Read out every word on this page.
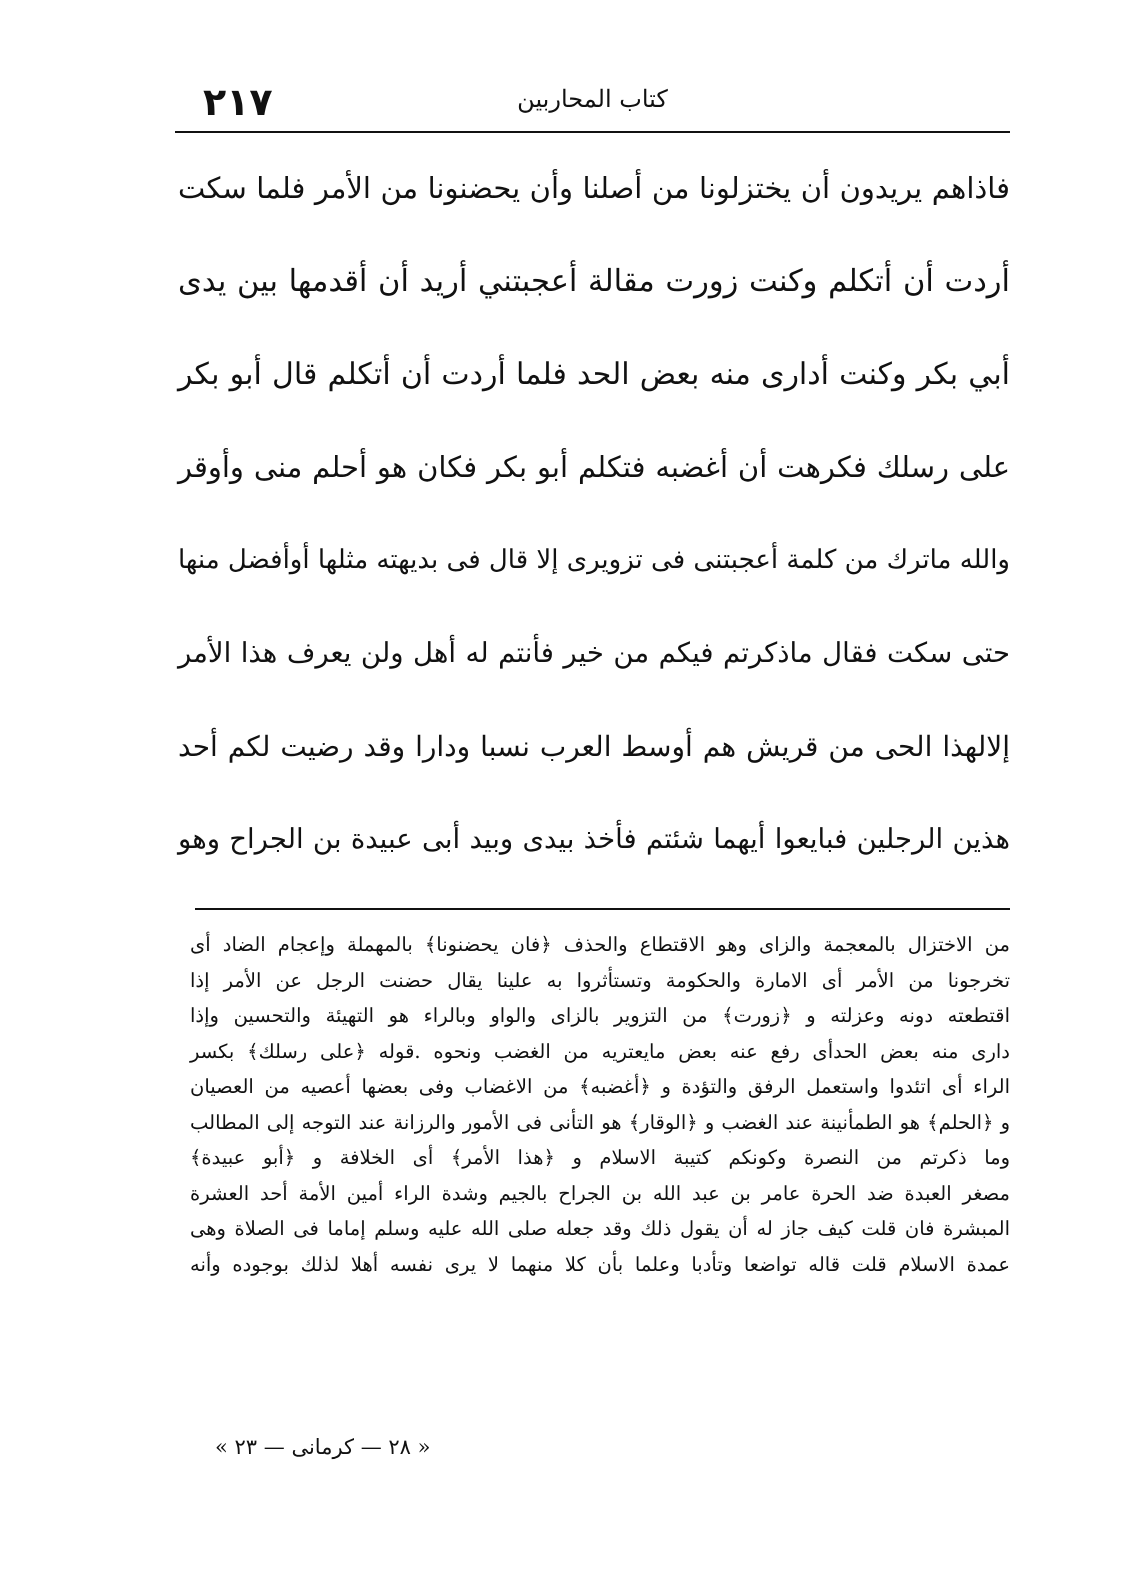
٢١٧	كتاب المحاربين
فاذاهم يريدون أن يختزلونا من أصلنا وأن يحضنونا من الأمر فلما سكت
أردت أن أتكلم وكنت زورت مقالة أعجبتني أريد أن أقدمها بين يدى
أبي بكر وكنت أدارى منه بعض الحد فلما أردت أن أتكلم قال أبو بكر
على رسلك فكرهت أن أغضبه فتكلم أبو بكر فكان هو أحلم منى وأوقر
والله ماترك من كلمة أعجبتنى فى تزويرى إلا قال فى بديهته مثلها أوأفضل منها
حتى سكت فقال ماذكرتم فيكم من خير فأنتم له أهل ولن يعرف هذا الأمر
إلالهذا الحى من قريش هم أوسط العرب نسبا ودارا وقد رضيت لكم أحد
هذين الرجلين فبايعوا أيهما شئتم فأخذ بيدى وبيد أبى عبيدة بن الجراح وهو
من الاختزال بالمعجمة والزاى وهو الاقتطاع والحذف ﴿فان يحضنونا﴾ بالمهملة وإعجام الضاد أى
تخرجونا من الأمر أى الامارة والحكومة وتستأثروا به علينا يقال حضنت الرجل عن الأمر إذا
اقتطعته دونه وعزلته و ﴿زورت﴾ من التزوير بالزاى والواو وبالراء هو التهيئة والتحسين وإذا
دارى منه بعض الحدأى رفع عنه بعض مايعتريه من الغضب ونحوه .قوله ﴿على رسلك﴾ بكسر
الراء أى اتئدوا واستعمل الرفق والتؤدة و ﴿أغضبه﴾ من الاغضاب وفى بعضها أعصيه من العصيان
و ﴿الحلم﴾ هو الطمأنينة عند الغضب و ﴿الوقار﴾ هو التأنى فى الأمور والرزانة عند التوجه إلى المطالب
وما ذكرتم من النصرة وكونكم كتيبة الاسلام و ﴿هذا الأمر﴾ أى الخلافة و ﴿أبو عبيدة﴾
مصغر العبدة ضد الحرة عامر بن عبد الله بن الجراح بالجيم وشدة الراء أمين الأمة أحد العشرة
المبشرة فان قلت كيف جاز له أن يقول ذلك وقد جعله صلى الله عليه وسلم إماما فى الصلاة وهى
عمدة الاسلام قلت قاله تواضعا وتأدبا وعلما بأن كلا منهما لا يرى نفسه أهلا لذلك بوجوده وأنه
« ٢٨ — كرمانى — ٢٣ »
